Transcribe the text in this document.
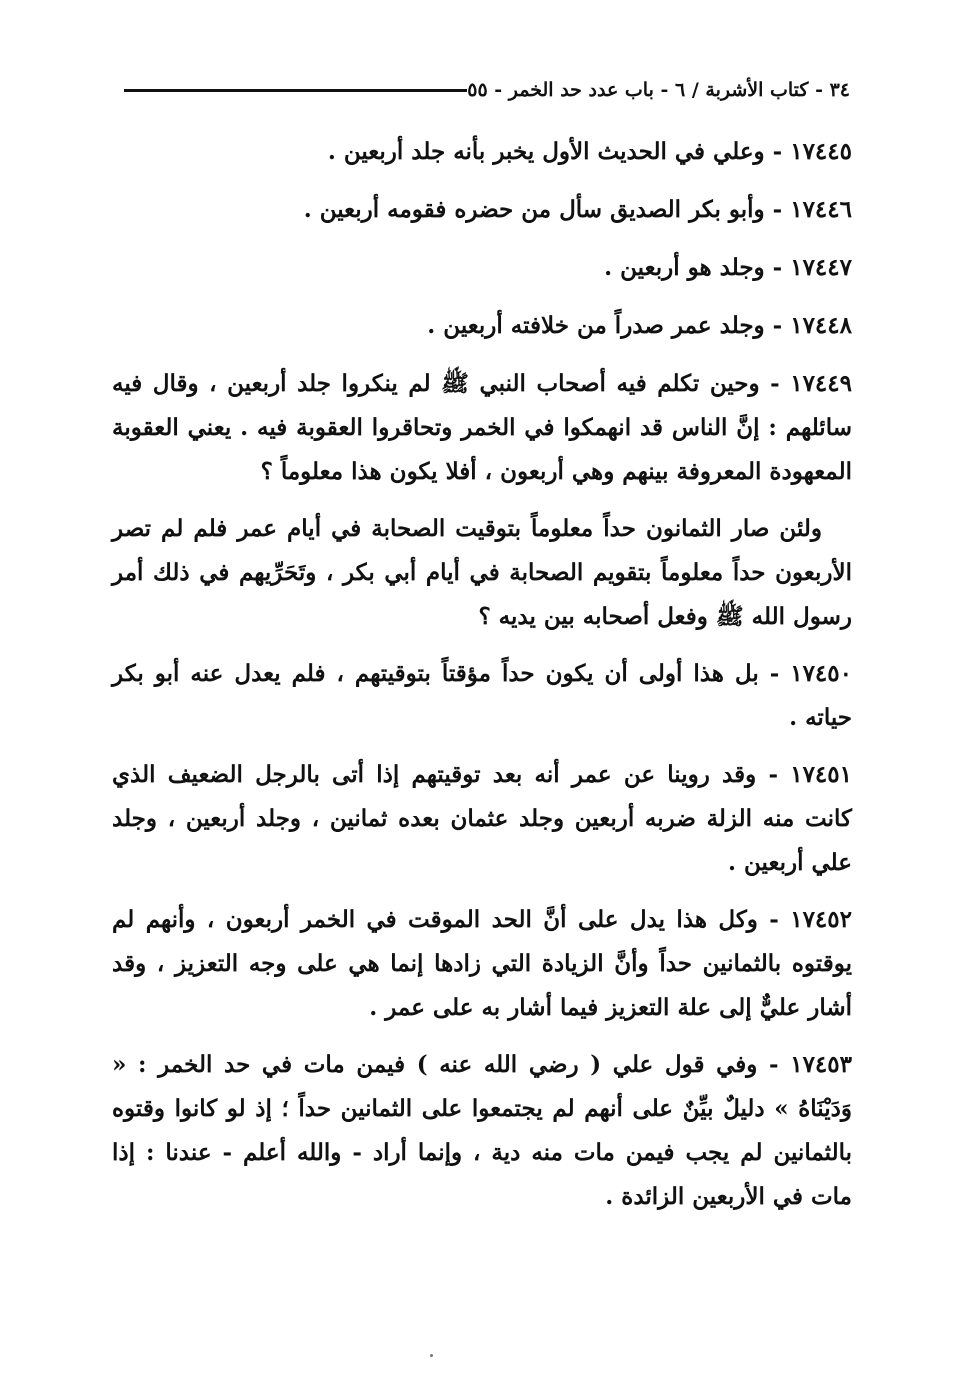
٣٤ - كتاب الأشربة / ٦ - باب عدد حد الخمر - ٥٥

١٧٤٤٥ - وعلي في الحديث الأول يخبر بأنه جلد أربعين .

١٧٤٤٦ - وأبو بكر الصديق سأل من حضره فقومه أربعين .

١٧٤٤٧ - وجلد هو أربعين .

١٧٤٤٨ - وجلد عمر صدراً من خلافته أربعين .

١٧٤٤٩ - وحين تكلم فيه أصحاب النبي ﷺ لم ينكروا جلد أربعين ، وقال فيه سائلهم : إنَّ الناس قد انهمكوا في الخمر وتحاقروا العقوبة فيه . يعني العقوبة المعهودة المعروفة بينهم وهي أربعون ، أفلا يكون هذا معلوماً ؟

ولئن صار الثمانون حداً معلوماً بتوقيت الصحابة في أيام عمر فلم لم تصر الأربعون حداً معلوماً بتقويم الصحابة في أيام أبي بكر ، وتَحَرِّيهم في ذلك أمر رسول الله ﷺ وفعل أصحابه بين يديه ؟

١٧٤٥٠ - بل هذا أولى أن يكون حداً مؤقتاً بتوقيتهم ، فلم يعدل عنه أبو بكر حياته .

١٧٤٥١ - وقد روينا عن عمر أنه بعد توقيتهم إذا أتى بالرجل الضعيف الذي كانت منه الزلة ضربه أربعين وجلد عثمان بعده ثمانين ، وجلد أربعين ، وجلد علي أربعين .

١٧٤٥٢ - وكل هذا يدل على أنَّ الحد الموقت في الخمر أربعون ، وأنهم لم يوقتوه بالثمانين حداً وأنَّ الزيادة التي زادها إنما هي على وجه التعزيز ، وقد أشار عليٌّ إلى علة التعزيز فيما أشار به على عمر .

١٧٤٥٣ - وفي قول علي ( رضي الله عنه ) فيمن مات في حد الخمر : « وَدَيْنَاهُ » دليلٌ بيِّنٌ على أنهم لم يجتمعوا على الثمانين حداً ؛ إذ لو كانوا وقتوه بالثمانين لم يجب فيمن مات منه دية ، وإنما أراد - والله أعلم - عندنا : إذا مات في الأربعين الزائدة .
